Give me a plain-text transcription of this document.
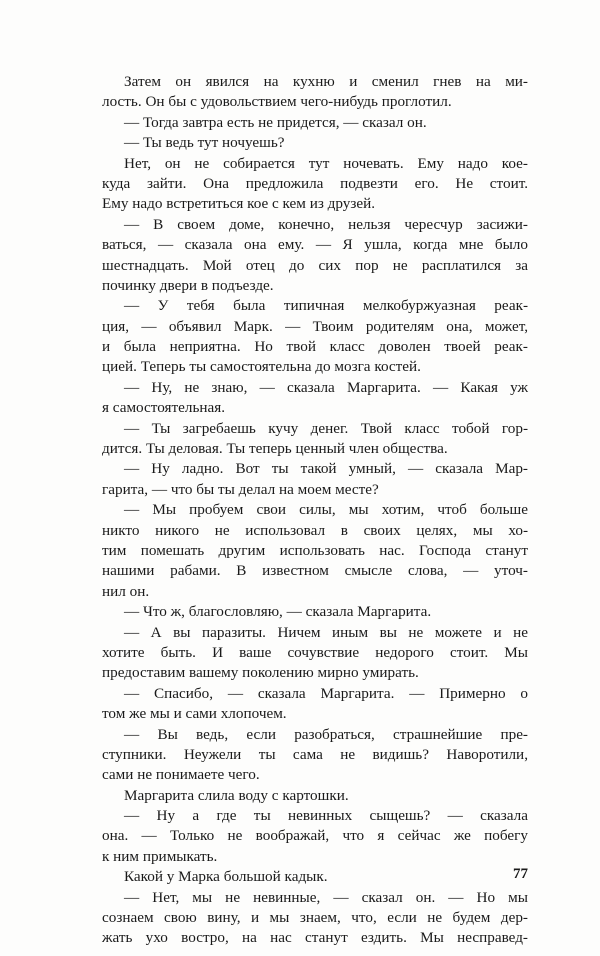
Затем он явился на кухню и сменил гнев на ми-
лость. Он бы с удовольствием чего-нибудь проглотил.
— Тогда завтра есть не придется, — сказал он.
— Ты ведь тут ночуешь?
Нет, он не собирается тут ночевать. Ему надо кое-
куда зайти. Она предложила подвезти его. Не стоит.
Ему надо встретиться кое с кем из друзей.
— В своем доме, конечно, нельзя чересчур засижи-
ваться, — сказала она ему. — Я ушла, когда мне было
шестнадцать. Мой отец до сих пор не расплатился за
починку двери в подъезде.
— У тебя была типичная мелкобуржуазная реак-
ция, — объявил Марк. — Твоим родителям она, может,
и была неприятна. Но твой класс доволен твоей реак-
цией. Теперь ты самостоятельна до мозга костей.
— Ну, не знаю, — сказала Маргарита. — Какая уж
я самостоятельная.
— Ты загребаешь кучу денег. Твой класс тобой гор-
дится. Ты деловая. Ты теперь ценный член общества.
— Ну ладно. Вот ты такой умный, — сказала Мар-
гарита, — что бы ты делал на моем месте?
— Мы пробуем свои силы, мы хотим, чтоб больше
никто никого не использовал в своих целях, мы хо-
тим помешать другим использовать нас. Господа станут
нашими рабами. В известном смысле слова, — уточ-
нил он.
— Что ж, благословляю, — сказала Маргарита.
— А вы паразиты. Ничем иным вы не можете и не
хотите быть. И ваше сочувствие недорого стоит. Мы
предоставим вашему поколению мирно умирать.
— Спасибо, — сказала Маргарита. — Примерно о
том же мы и сами хлопочем.
— Вы ведь, если разобраться, страшнейшие пре-
ступники. Неужели ты сама не видишь? Наворотили,
сами не понимаете чего.
Маргарита слила воду с картошки.
— Ну а где ты невинных сыщешь? — сказала
она. — Только не воображай, что я сейчас же побегу
к ним примыкать.
Какой у Марка большой кадык.
— Нет, мы не невинные, — сказал он. — Но мы
сознаем свою вину, и мы знаем, что, если не будем дер-
жать ухо востро, на нас станут ездить. Мы несправед-
77
